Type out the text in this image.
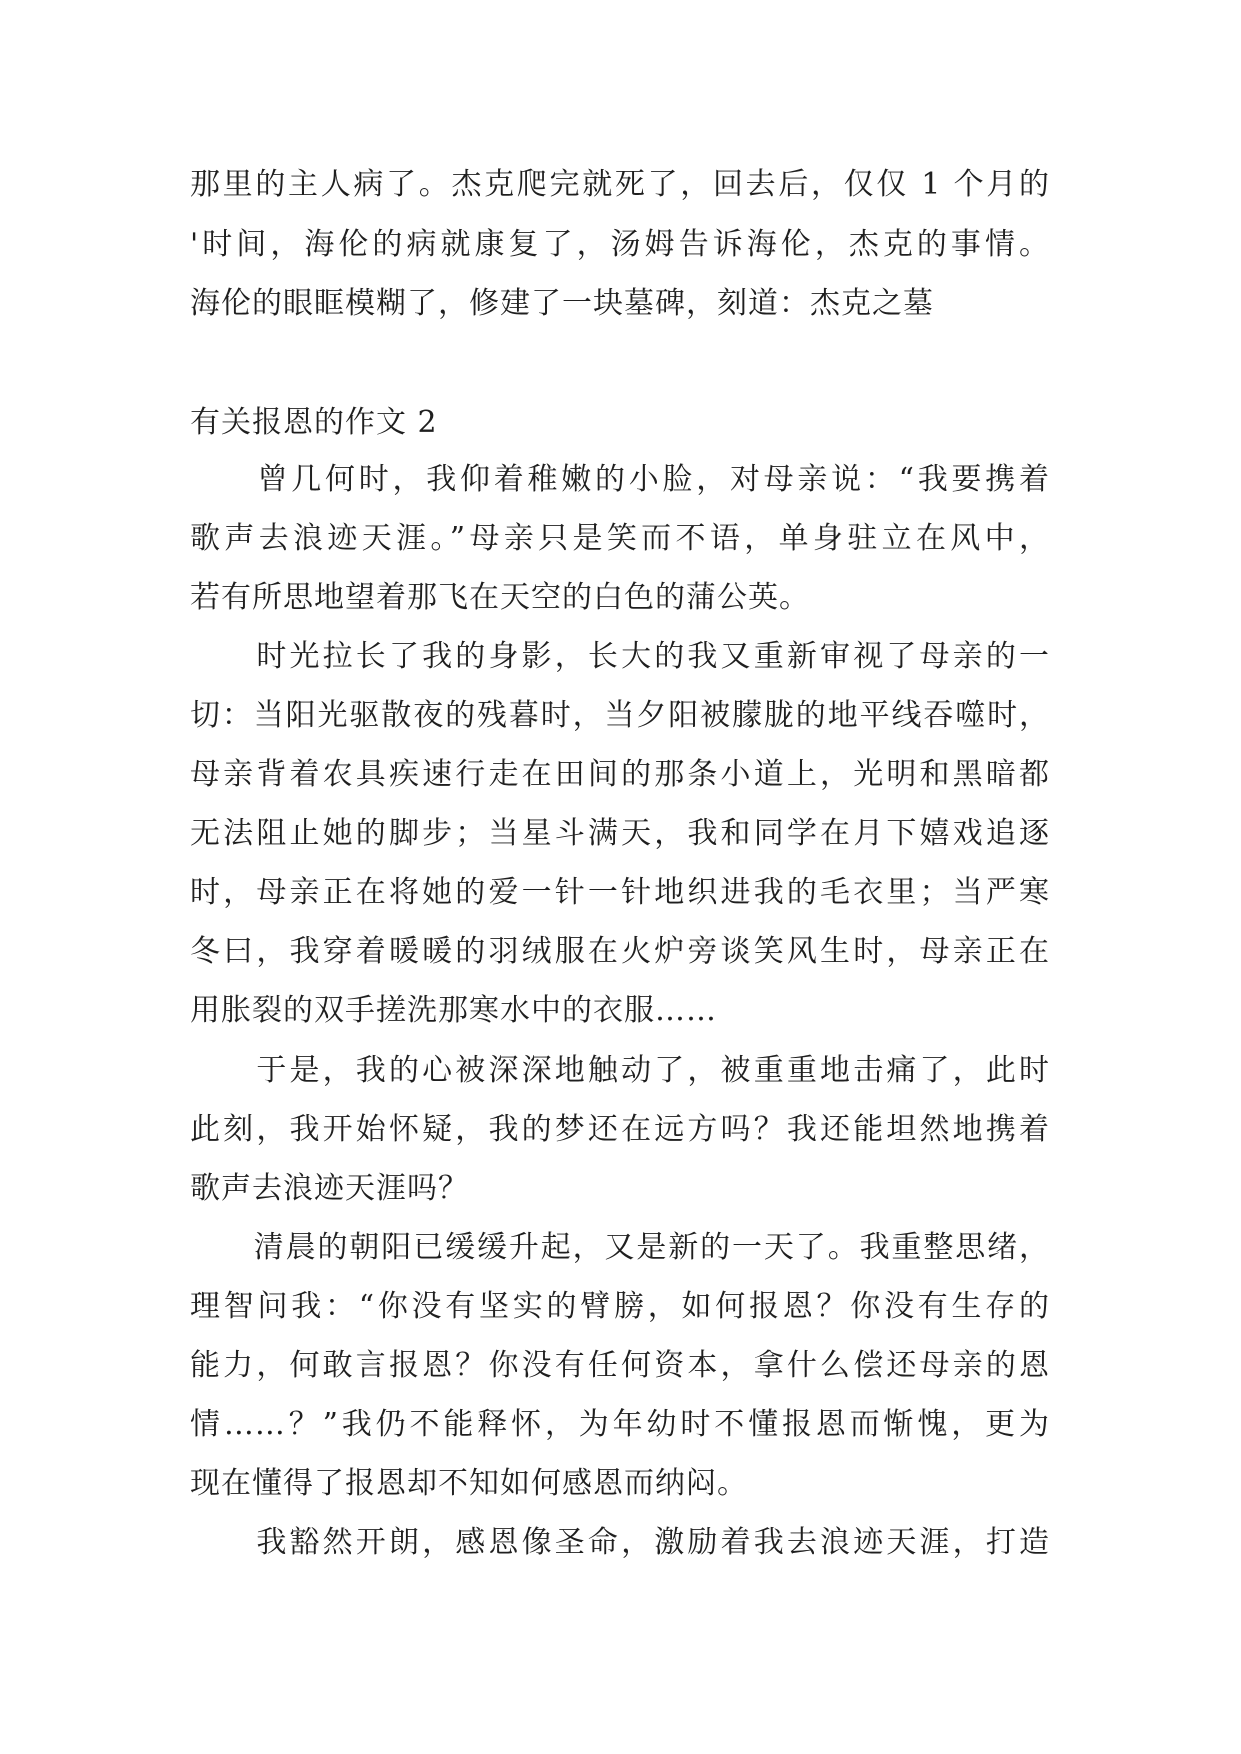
那里的主人病了。杰克爬完就死了，回去后，仅仅 1 个月的
'时间，海伦的病就康复了，汤姆告诉海伦，杰克的事情。
海伦的眼眶模糊了，修建了一块墓碑，刻道：杰克之墓
有关报恩的作文 2
　　曾几何时，我仰着稚嫩的小脸，对母亲说：“我要携着
歌声去浪迹天涯。”母亲只是笑而不语，单身驻立在风中，
若有所思地望着那飞在天空的白色的蒲公英。
　　时光拉长了我的身影，长大的我又重新审视了母亲的一
切：当阳光驱散夜的残暮时，当夕阳被朦胧的地平线吞噬时，
母亲背着农具疾速行走在田间的那条小道上，光明和黑暗都
无法阻止她的脚步；当星斗满天，我和同学在月下嬉戏追逐
时，母亲正在将她的爱一针一针地织进我的毛衣里；当严寒
冬曰，我穿着暖暖的羽绒服在火炉旁谈笑风生时，母亲正在
用胀裂的双手搓洗那寒水中的衣服……
　　于是，我的心被深深地触动了，被重重地击痛了，此时
此刻，我开始怀疑，我的梦还在远方吗？我还能坦然地携着
歌声去浪迹天涯吗？
　　清晨的朝阳已缓缓升起，又是新的一天了。我重整思绪，
理智问我：“你没有坚实的臂膀，如何报恩？你没有生存的
能力，何敢言报恩？你没有任何资本，拿什么偿还母亲的恩
情……？”我仍不能释怀，为年幼时不懂报恩而惭愧，更为
现在懂得了报恩却不知如何感恩而纳闷。
　　我豁然开朗，感恩像圣命，激励着我去浪迹天涯，打造
